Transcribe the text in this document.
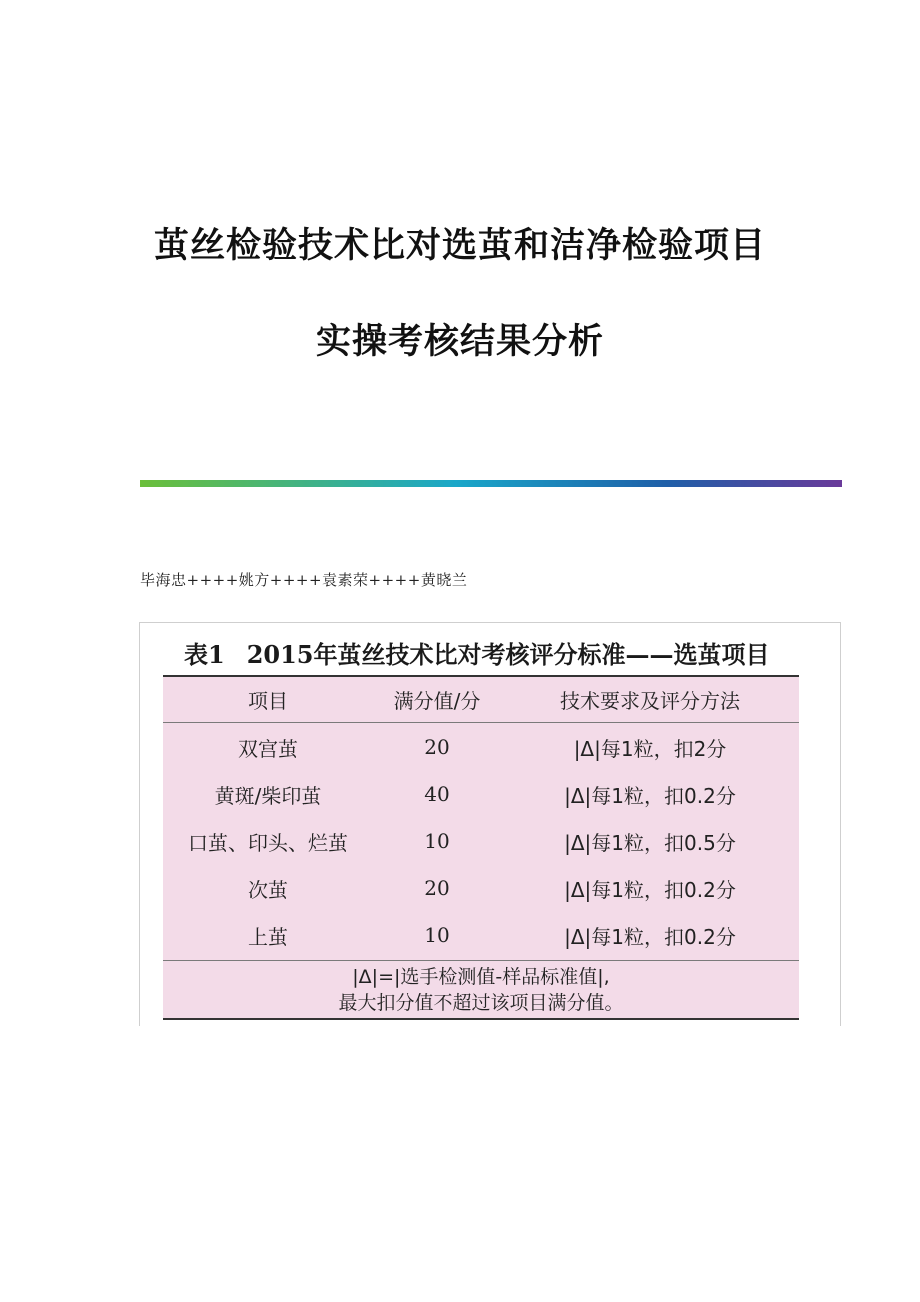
茧丝检验技术比对选茧和洁净检验项目
实操考核结果分析
毕海忠++++姚方++++袁素荣++++黄晓兰
表1 2015年茧丝技术比对考核评分标准——选茧项目
项目	满分值/分	技术要求及评分方法
双宫茧	20	|Δ|每1粒，扣2分
黄斑/柴印茧	40	|Δ|每1粒，扣0.2分
口茧、印头、烂茧	10	|Δ|每1粒，扣0.5分
次茧	20	|Δ|每1粒，扣0.2分
上茧	10	|Δ|每1粒，扣0.2分
|Δ|=|选手检测值-样品标准值|,
最大扣分值不超过该项目满分值。
